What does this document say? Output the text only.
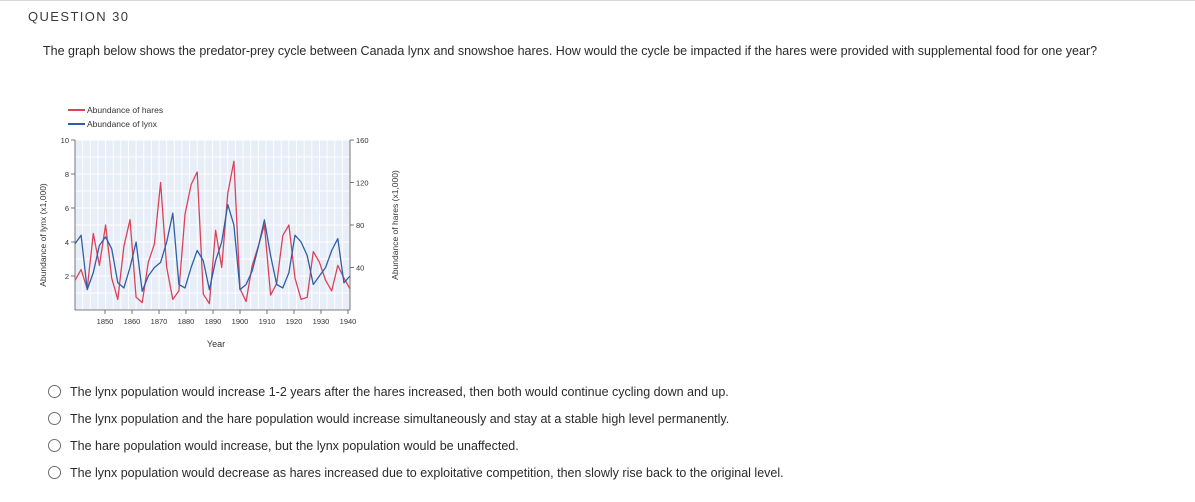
QUESTION 30
The graph below shows the predator-prey cycle between Canada lynx and snowshoe hares. How would the cycle be impacted if the hares were provided with supplemental food for one year?
Abundance of hares
Abundance of lynx
2
4
6
8
10
40
80
120
160
1850 1860 1870 1880 1890 1900 1910 1920 1930 1940
Year
Abundance of lynx (x1,000)	Abundance of hares (x1,000)
The lynx population would increase 1-2 years after the hares increased, then both would continue cycling down and up.
The lynx population and the hare population would increase simultaneously and stay at a stable high level permanently.
The hare population would increase, but the lynx population would be unaffected.
The lynx population would decrease as hares increased due to exploitative competition, then slowly rise back to the original level.
